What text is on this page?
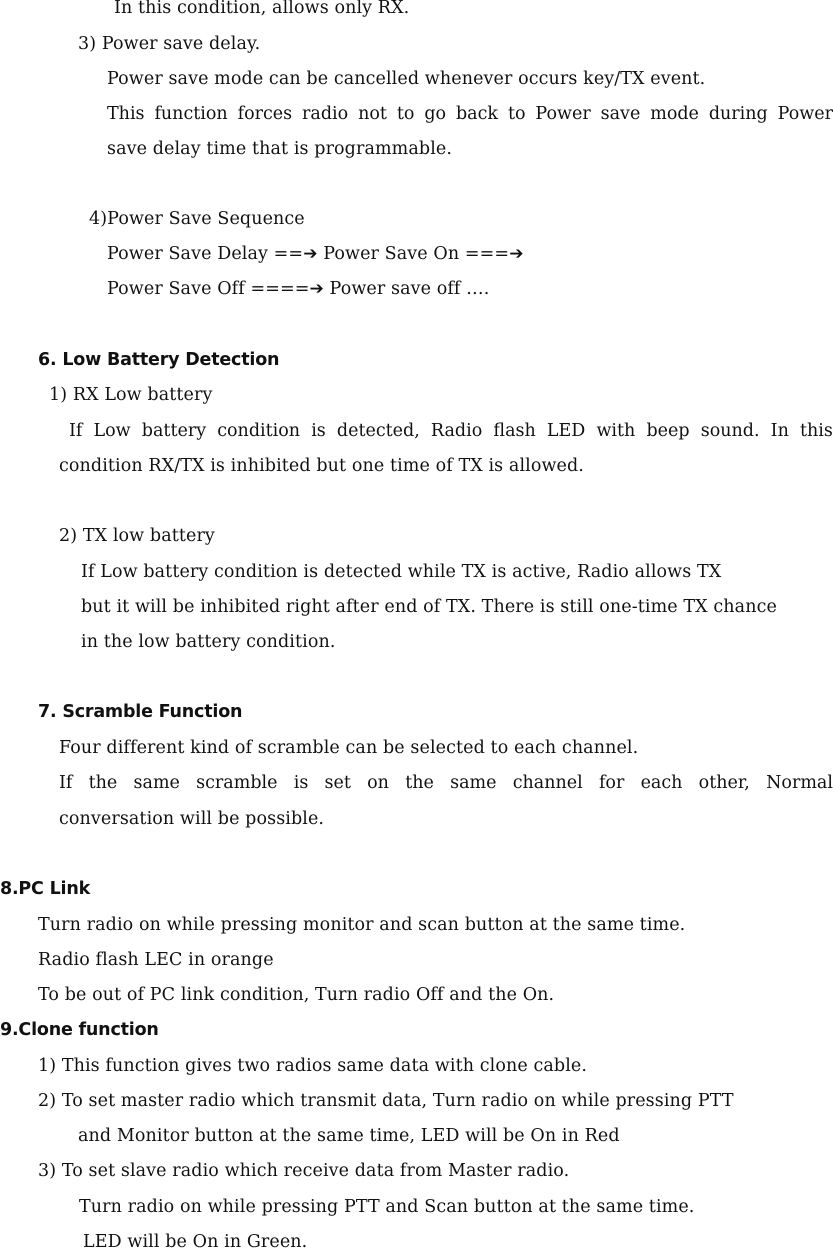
In this condition, allows only RX.
3) Power save delay.
Power save mode can be cancelled whenever occurs key/TX event.
This function forces radio not to go back to Power save mode during Power
save delay time that is programmable.
4)Power Save Sequence
Power Save Delay ==➔ Power Save On ===➔
Power Save Off ====➔ Power save off ….
6. Low Battery Detection
1) RX Low battery
If Low battery condition is detected, Radio flash LED with beep sound. In this
condition RX/TX is inhibited but one time of TX is allowed.
2) TX low battery
If Low battery condition is detected while TX is active, Radio allows TX
but it will be inhibited right after end of TX. There is still one-time TX chance
in the low battery condition.
7. Scramble Function
Four different kind of scramble can be selected to each channel.
If the same scramble is set on the same channel for each other, Normal
conversation will be possible.
8.PC Link
Turn radio on while pressing monitor and scan button at the same time.
Radio flash LEC in orange
To be out of PC link condition, Turn radio Off and the On.
9.Clone function
1) This function gives two radios same data with clone cable.
2) To set master radio which transmit data, Turn radio on while pressing PTT
and Monitor button at the same time, LED will be On in Red
3) To set slave radio which receive data from Master radio.
Turn radio on while pressing PTT and Scan button at the same time.
LED will be On in Green.
